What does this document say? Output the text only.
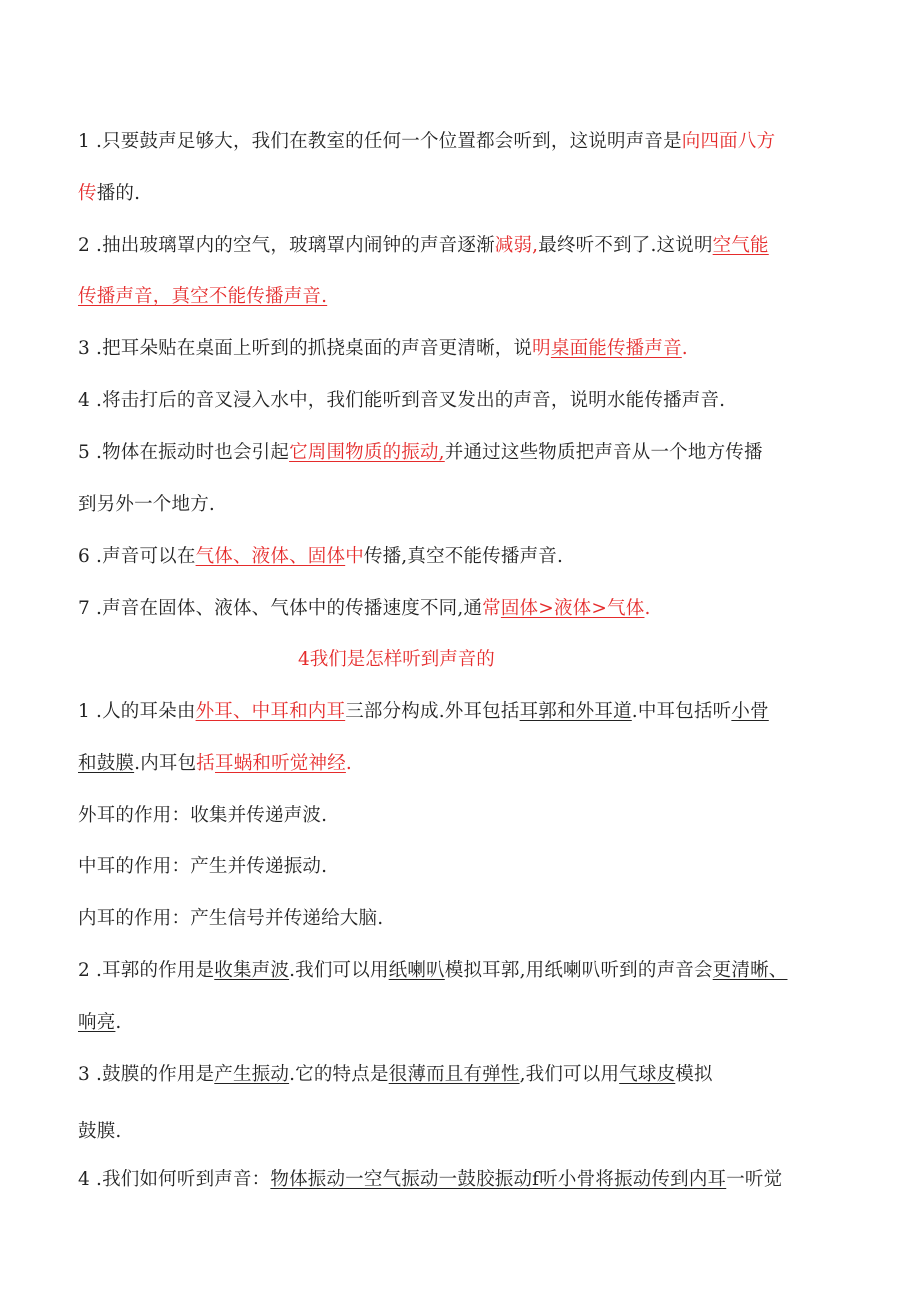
1 .只要鼓声足够大，我们在教室的任何一个位置都会听到，这说明声音是向四面八方
传播的.
2 .抽出玻璃罩内的空气，玻璃罩内闹钟的声音逐渐减弱,最终听不到了.这说明空气能
传播声音，真空不能传播声音.
3 .把耳朵贴在桌面上听到的抓挠桌面的声音更清晰，说明桌面能传播声音.
4 .将击打后的音叉浸入水中，我们能听到音叉发出的声音，说明水能传播声音.
5 .物体在振动时也会引起它周围物质的振动,并通过这些物质把声音从一个地方传播
到另外一个地方.
6 .声音可以在气体、液体、固体中传播,真空不能传播声音.
7 .声音在固体、液体、气体中的传播速度不同,通常固体>液体>气体.
4我们是怎样听到声音的
1 .人的耳朵由外耳、中耳和内耳三部分构成.外耳包括耳郭和外耳道.中耳包括听小骨
和鼓膜.内耳包括耳蜗和听觉神经.
外耳的作用：收集并传递声波.
中耳的作用：产生并传递振动.
内耳的作用：产生信号并传递给大脑.
2 .耳郭的作用是收集声波.我们可以用纸喇叭模拟耳郭,用纸喇叭听到的声音会更清晰、
响亮.
3 .鼓膜的作用是产生振动.它的特点是很薄而且有弹性,我们可以用气球皮模拟
鼓膜.
4 .我们如何听到声音：物体振动一空气振动一鼓胶振动f听小骨将振动传到内耳一听觉
